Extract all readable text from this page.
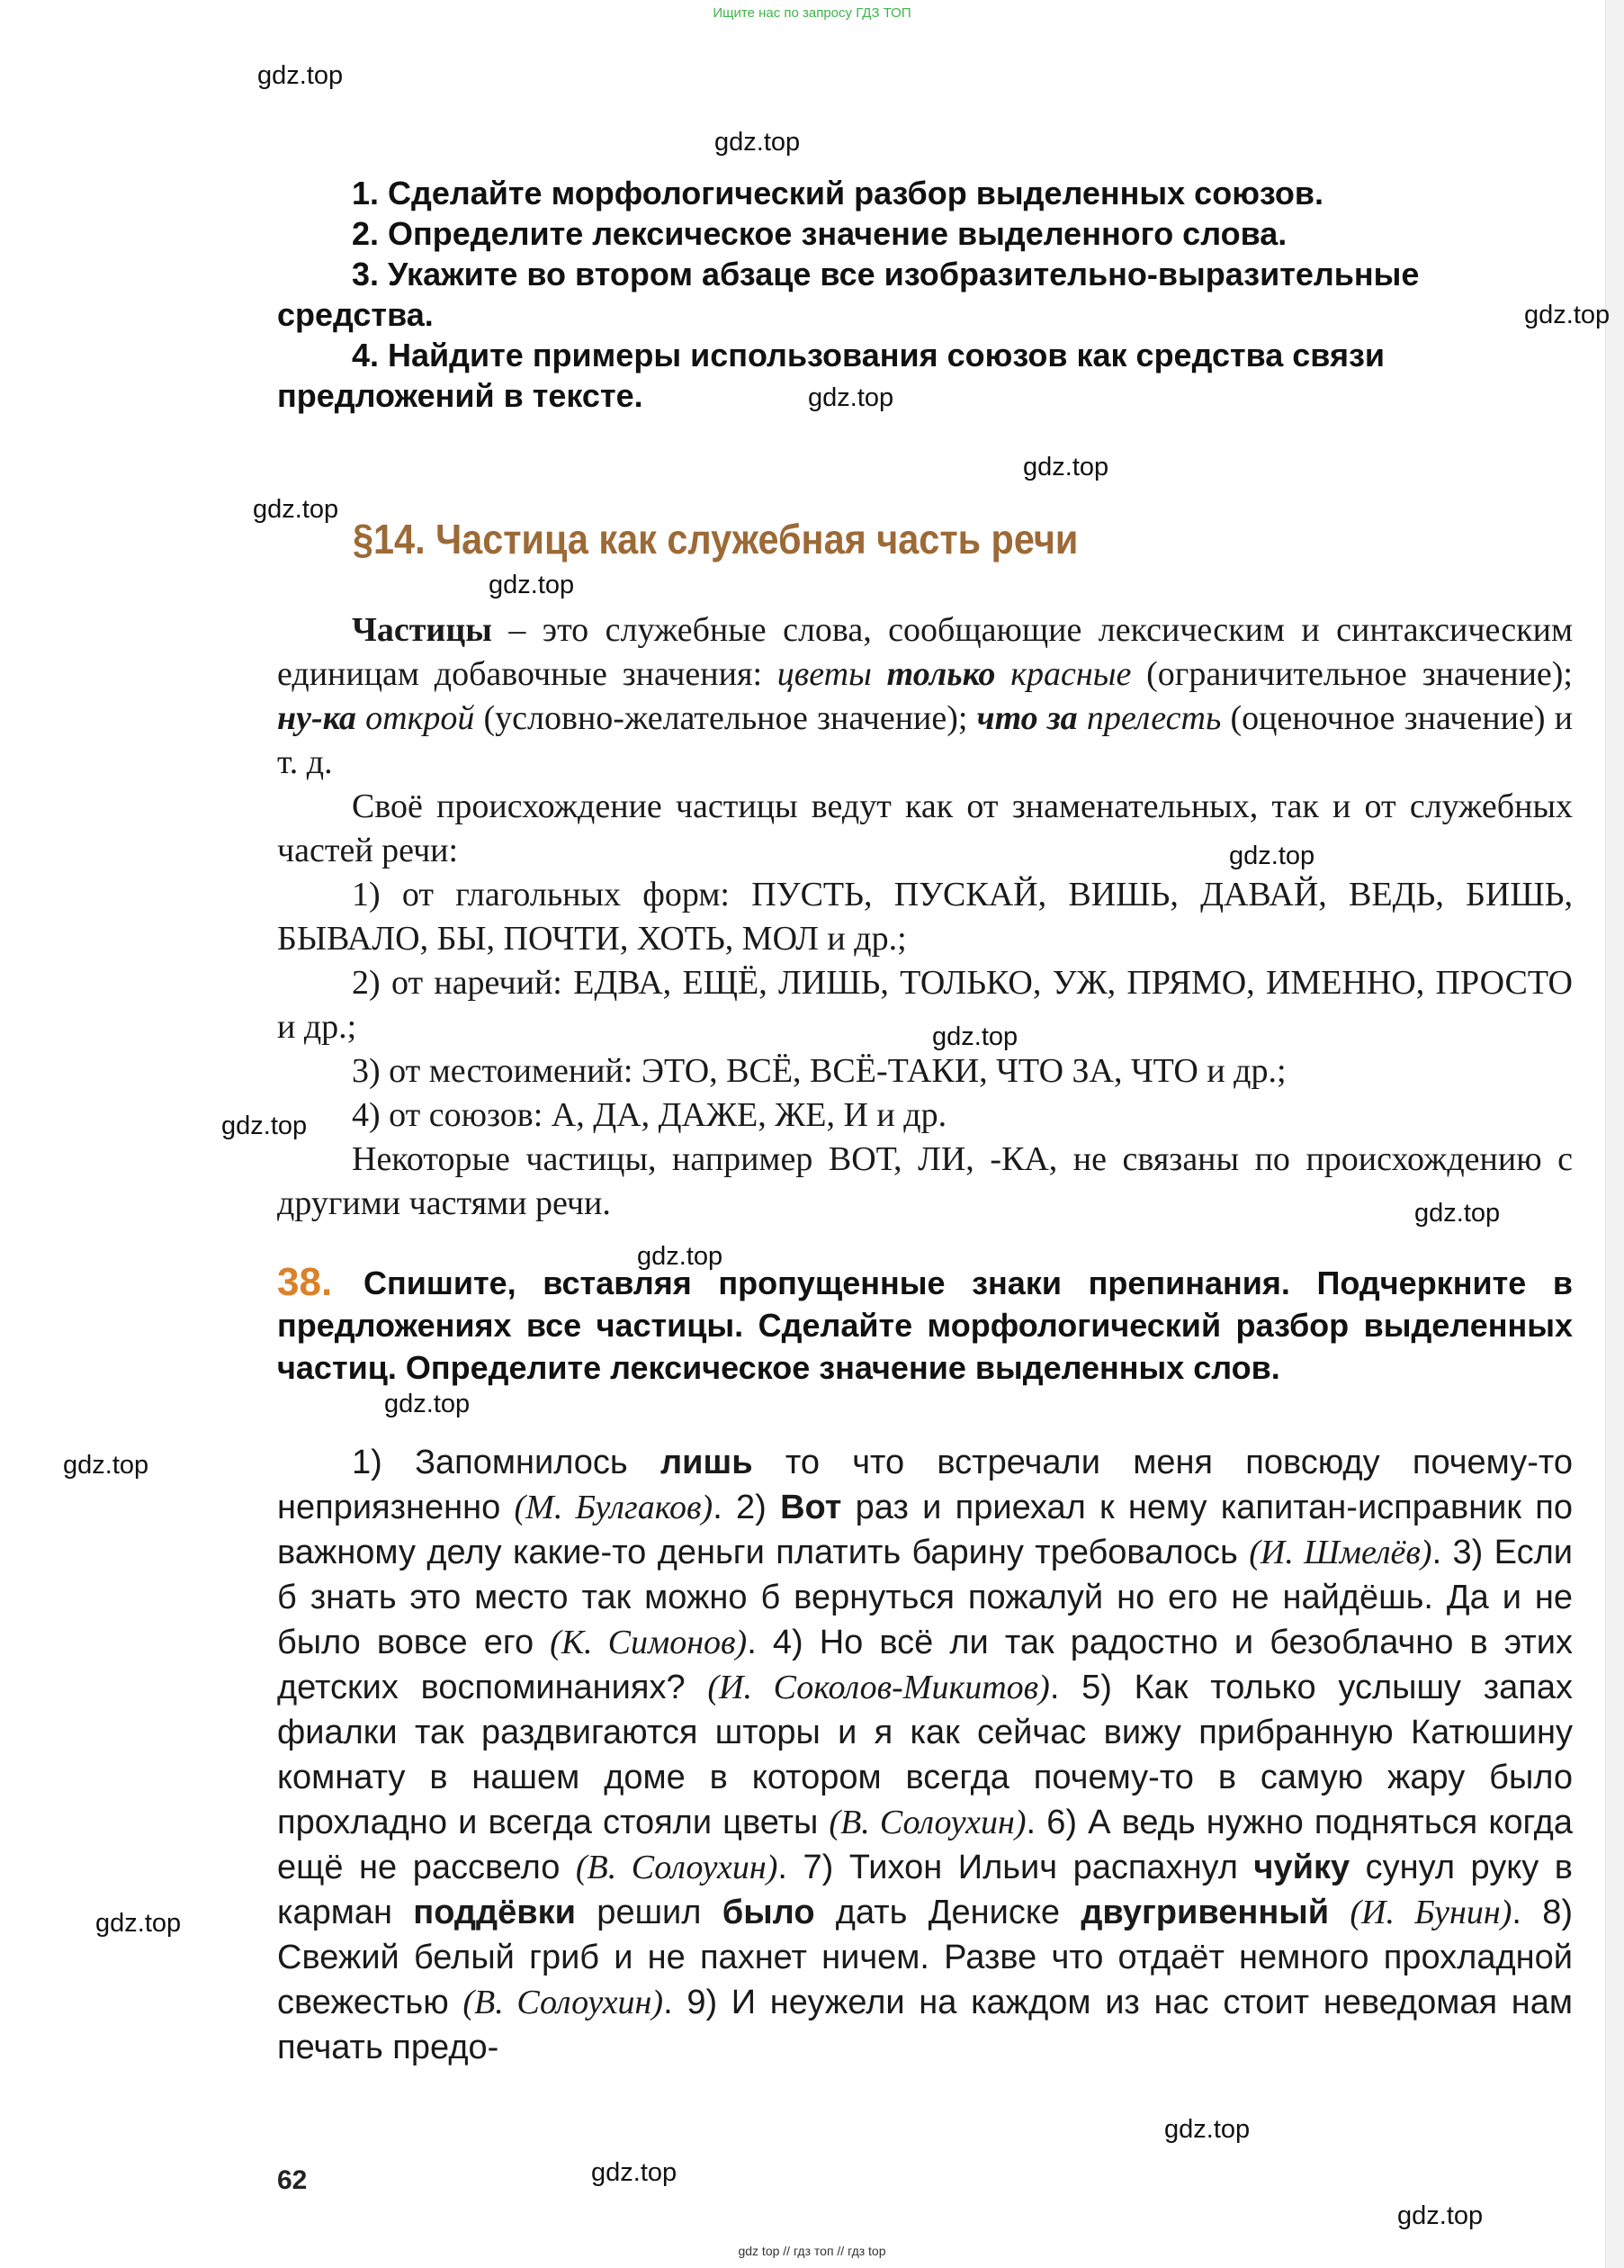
Ищите нас по запросу ГДЗ ТОП
gdz.top
gdz.top
gdz.top
gdz.top
gdz.top
gdz.top
gdz.top
gdz.top
gdz.top
gdz.top
gdz.top
gdz.top
gdz.top
gdz.top
gdz.top
gdz.top
gdz.top
gdz.top

1. Сделайте морфологический разбор выделенных союзов.

2. Определите лексическое значение выделенного слова.

3. Укажите во втором абзаце все изобразительно-выразительные средства.

4. Найдите примеры использования союзов как средства связи предложений в тексте.

§14. Частица как служебная часть речи

Частицы – это служебные слова, сообщающие лексическим и синтаксическим единицам добавочные значения: цветы только красные (ограничительное значение); ну-ка открой (условно-желательное значение); что за прелесть (оценочное значение) и т. д.

Своё происхождение частицы ведут как от знаменательных, так и от служебных частей речи:

1) от глагольных форм: ПУСТЬ, ПУСКАЙ, ВИШЬ, ДАВАЙ, ВЕДЬ, БИШЬ, БЫВАЛО, БЫ, ПОЧТИ, ХОТЬ, МОЛ и др.;

2) от наречий: ЕДВА, ЕЩЁ, ЛИШЬ, ТОЛЬКО, УЖ, ПРЯМО, ИМЕННО, ПРОСТО и др.;

3) от местоимений: ЭТО, ВСЁ, ВСЁ-ТАКИ, ЧТО ЗА, ЧТО и др.;

4) от союзов: А, ДА, ДАЖЕ, ЖЕ, И и др.

Некоторые частицы, например ВОТ, ЛИ, -КА, не связаны по происхождению с другими частями речи.

Спишите, вставляя пропущенные знаки препинания. Подчеркните в предложениях все частицы. Сделайте морфологический разбор выделенных частиц. Определите лексическое значение выделенных слов.
38.
1) Запомнилось лишь то что встречали меня повсюду почему-то неприязненно (М. Булгаков). 2) Вот раз и приехал к нему капитан-исправник по важному делу какие-то деньги платить барину требовалось (И. Шмелёв). 3) Если б знать это место так можно б вернуться пожалуй но его не найдёшь. Да и не было вовсе его (К. Симонов). 4) Но всё ли так радостно и безоблачно в этих детских воспоминаниях? (И. Соколов-Микитов). 5) Как только услышу запах фиалки так раздвигаются шторы и я как сейчас вижу прибранную Катюшину комнату в нашем доме в котором всегда почему-то в самую жару было прохладно и всегда стояли цветы (В. Солоухин). 6) А ведь нужно подняться когда ещё не рассвело (В. Солоухин). 7) Тихон Ильич распахнул чуйку сунул руку в карман поддёвки решил было дать Дениске двугривенный (И. Бунин). 8) Свежий белый гриб и не пахнет ничем. Разве что отдаёт немного прохладной свежестью (В. Солоухин). 9) И неужели на каждом из нас стоит неведомая нам печать предо-
62
gdz top // гдз топ // гдз top
